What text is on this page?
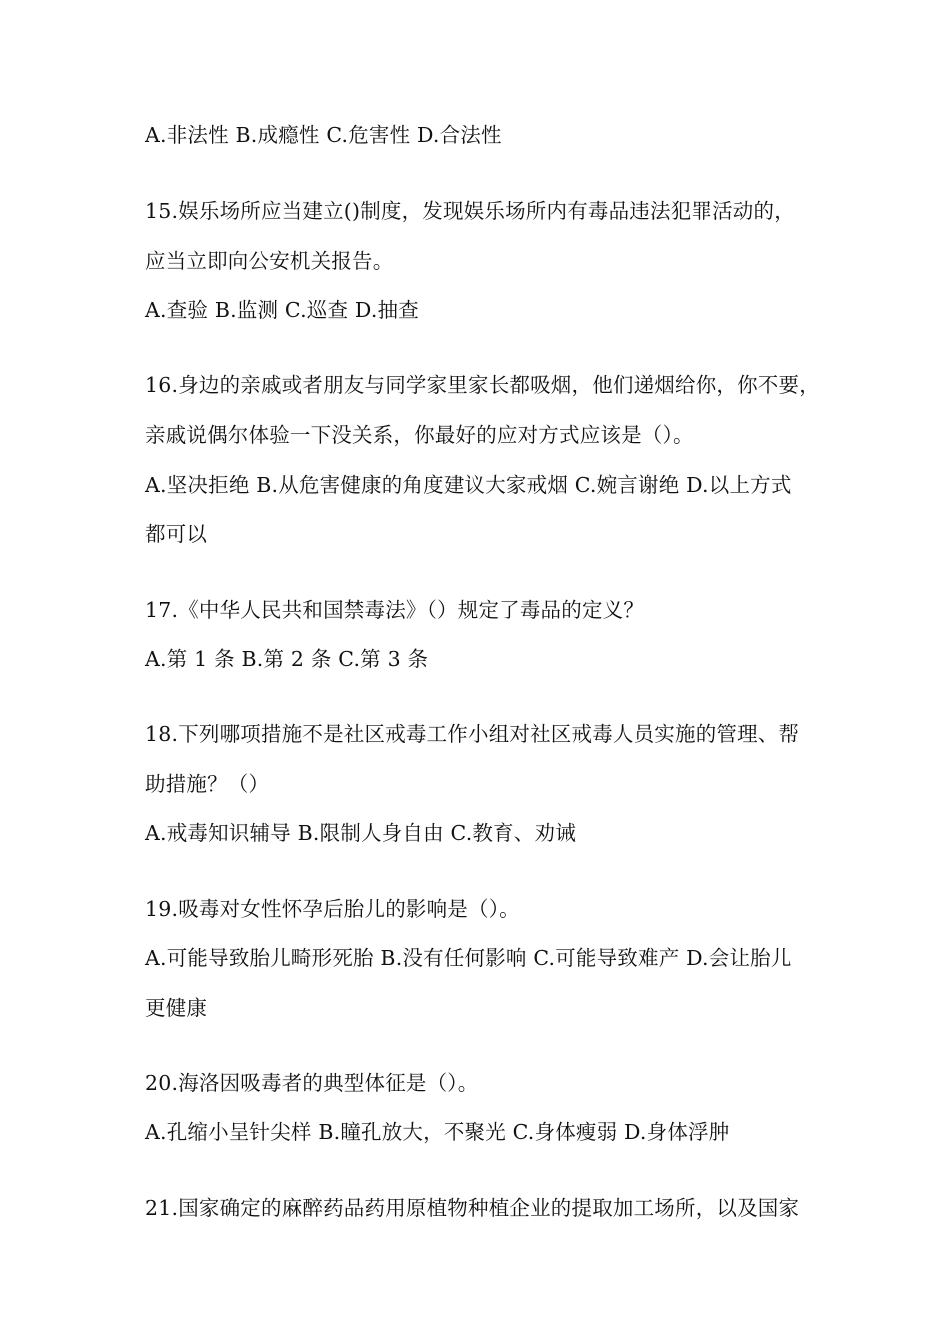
A.非法性 B.成瘾性 C.危害性 D.合法性

15.娱乐场所应当建立()制度，发现娱乐场所内有毒品违法犯罪活动的，

应当立即向公安机关报告。

A.查验 B.监测 C.巡查 D.抽查

16.身边的亲戚或者朋友与同学家里家长都吸烟，他们递烟给你，你不要，

亲戚说偶尔体验一下没关系，你最好的应对方式应该是（）。

A.坚决拒绝 B.从危害健康的角度建议大家戒烟 C.婉言谢绝 D.以上方式

都可以

17.《中华人民共和国禁毒法》（）规定了毒品的定义？

A.第 1 条 B.第 2 条 C.第 3 条

18.下列哪项措施不是社区戒毒工作小组对社区戒毒人员实施的管理、帮

助措施？（）

A.戒毒知识辅导 B.限制人身自由 C.教育、劝诫

19.吸毒对女性怀孕后胎儿的影响是（）。

A.可能导致胎儿畸形死胎 B.没有任何影响 C.可能导致难产 D.会让胎儿

更健康

20.海洛因吸毒者的典型体征是（）。

A.孔缩小呈针尖样 B.瞳孔放大，不聚光 C.身体瘦弱 D.身体浮肿

21.国家确定的麻醉药品药用原植物种植企业的提取加工场所，以及国家
